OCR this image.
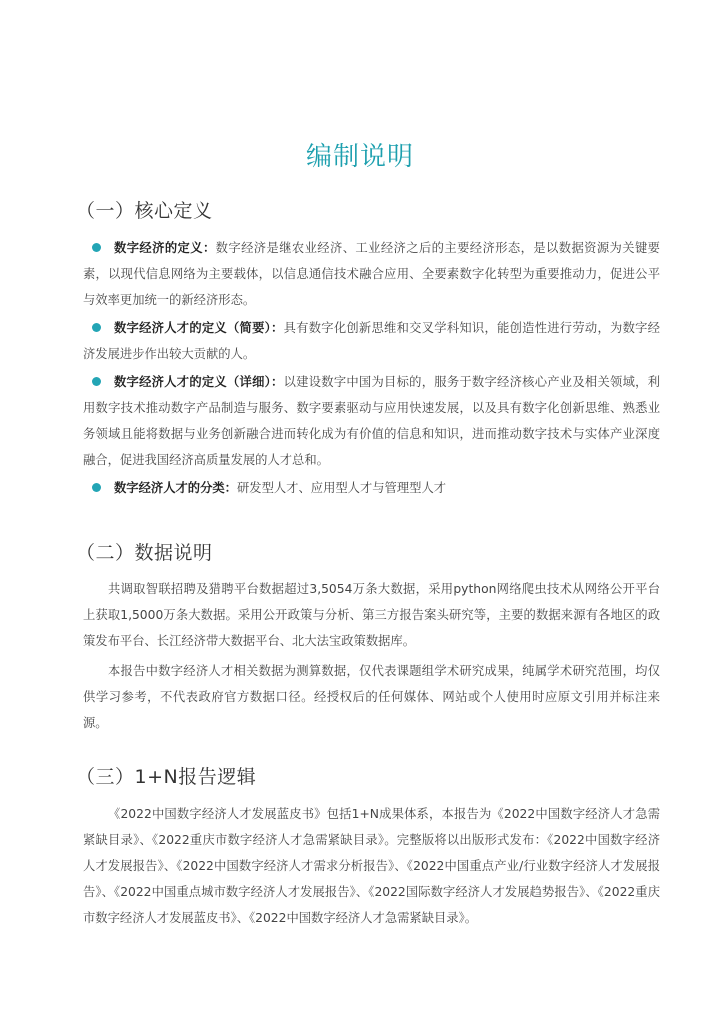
编制说明
（一）核心定义

数字经济的定义：数字经济是继农业经济、工业经济之后的主要经济形态，是以数据资源为关键要素，以现代信息网络为主要载体，以信息通信技术融合应用、全要素数字化转型为重要推动力，促进公平与效率更加统一的新经济形态。

数字经济人才的定义（简要）：具有数字化创新思维和交叉学科知识，能创造性进行劳动，为数字经济发展进步作出较大贡献的人。

数字经济人才的定义（详细）：以建设数字中国为目标的，服务于数字经济核心产业及相关领域，利用数字技术推动数字产品制造与服务、数字要素驱动与应用快速发展，以及具有数字化创新思维、熟悉业务领域且能将数据与业务创新融合进而转化成为有价值的信息和知识，进而推动数字技术与实体产业深度融合，促进我国经济高质量发展的人才总和。

数字经济人才的分类：研发型人才、应用型人才与管理型人才

（二）数据说明

共调取智联招聘及猎聘平台数据超过3,5054万条大数据，采用python网络爬虫技术从网络公开平台上获取1,5000万条大数据。采用公开政策与分析、第三方报告案头研究等，主要的数据来源有各地区的政策发布平台、长江经济带大数据平台、北大法宝政策数据库。

本报告中数字经济人才相关数据为测算数据，仅代表课题组学术研究成果，纯属学术研究范围，均仅供学习参考，不代表政府官方数据口径。经授权后的任何媒体、网站或个人使用时应原文引用并标注来源。

（三）1+N报告逻辑

《2022中国数字经济人才发展蓝皮书》包括1+N成果体系，本报告为《2022中国数字经济人才急需紧缺目录》、《2022重庆市数字经济人才急需紧缺目录》。完整版将以出版形式发布：《2022中国数字经济人才发展报告》、《2022中国数字经济人才需求分析报告》、《2022中国重点产业/行业数字经济人才发展报告》、《2022中国重点城市数字经济人才发展报告》、《2022国际数字经济人才发展趋势报告》、《2022重庆市数字经济人才发展蓝皮书》、《2022中国数字经济人才急需紧缺目录》。
